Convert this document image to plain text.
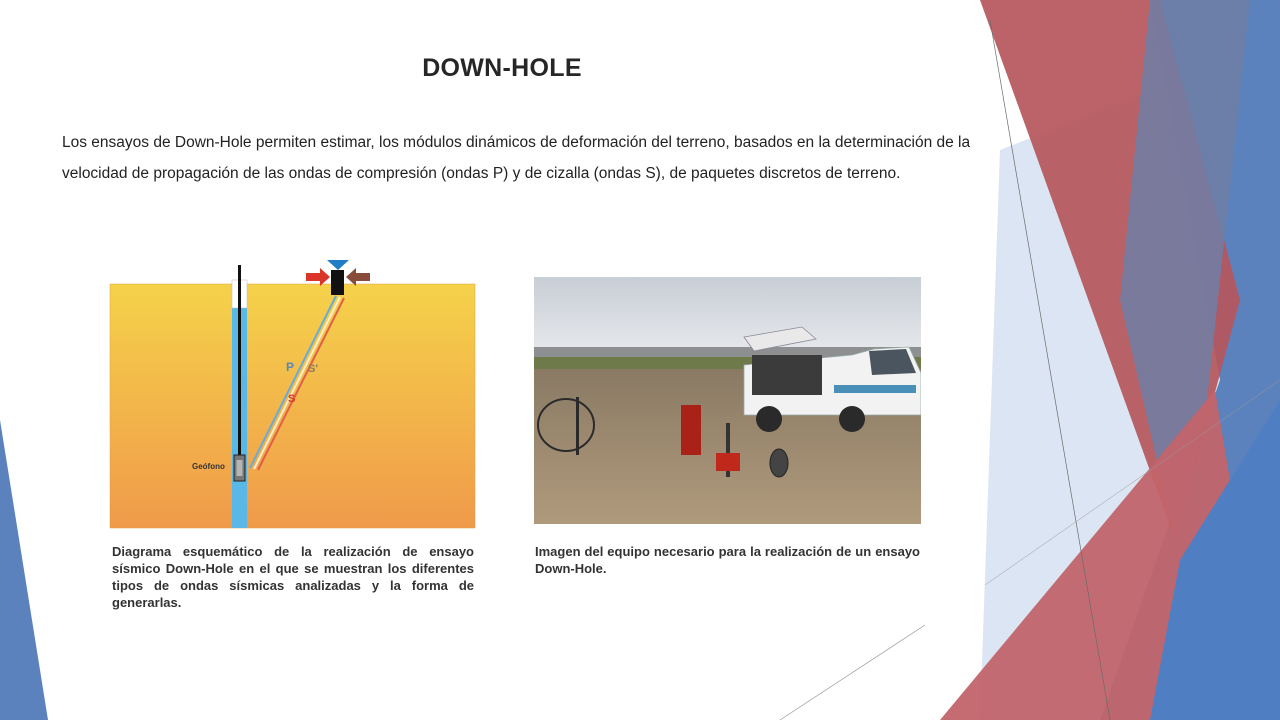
DOWN-HOLE
Los ensayos de Down-Hole permiten estimar, los módulos dinámicos de deformación del terreno, basados en la determinación de la velocidad de propagación de las ondas de compresión (ondas P) y de cizalla (ondas S), de paquetes discretos de terreno.
P S'
S
Geófono
Diagrama esquemático de la realización de ensayo sísmico Down-Hole en el que se muestran los diferentes tipos de ondas sísmicas analizadas y la forma de generarlas.
Imagen del equipo necesario para la realización de un ensayo Down-Hole.
